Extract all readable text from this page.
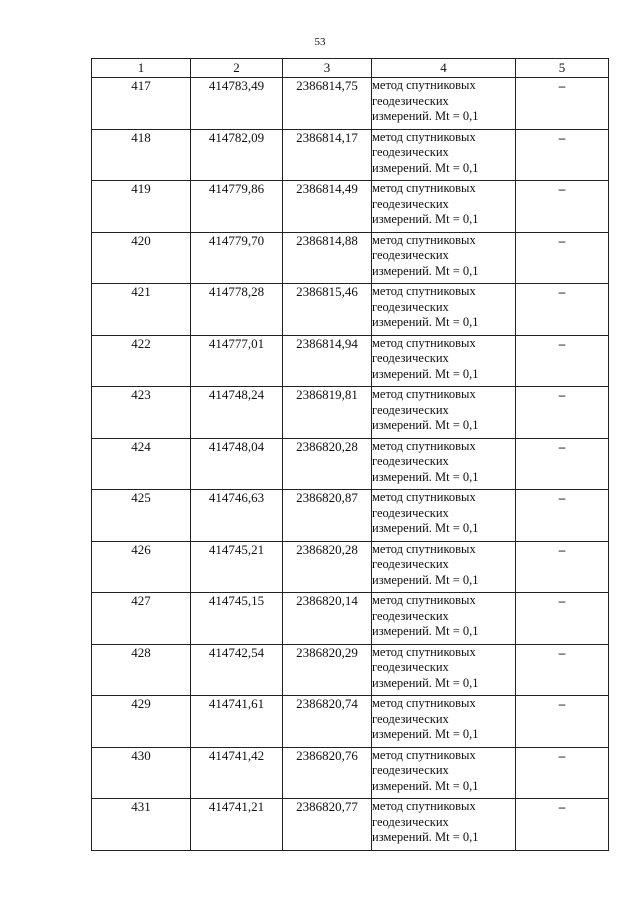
53
1	2	3	4	5
417	414783,49	2386814,75	метод спутниковых
геодезических
измерений. Mt = 0,1	–
418	414782,09	2386814,17	метод спутниковых
геодезических
измерений. Mt = 0,1	–
419	414779,86	2386814,49	метод спутниковых
геодезических
измерений. Mt = 0,1	–
420	414779,70	2386814,88	метод спутниковых
геодезических
измерений. Mt = 0,1	–
421	414778,28	2386815,46	метод спутниковых
геодезических
измерений. Mt = 0,1	–
422	414777,01	2386814,94	метод спутниковых
геодезических
измерений. Mt = 0,1	–
423	414748,24	2386819,81	метод спутниковых
геодезических
измерений. Mt = 0,1	–
424	414748,04	2386820,28	метод спутниковых
геодезических
измерений. Mt = 0,1	–
425	414746,63	2386820,87	метод спутниковых
геодезических
измерений. Mt = 0,1	–
426	414745,21	2386820,28	метод спутниковых
геодезических
измерений. Mt = 0,1	–
427	414745,15	2386820,14	метод спутниковых
геодезических
измерений. Mt = 0,1	–
428	414742,54	2386820,29	метод спутниковых
геодезических
измерений. Mt = 0,1	–
429	414741,61	2386820,74	метод спутниковых
геодезических
измерений. Mt = 0,1	–
430	414741,42	2386820,76	метод спутниковых
геодезических
измерений. Mt = 0,1	–
431	414741,21	2386820,77	метод спутниковых
геодезических
измерений. Mt = 0,1	–
